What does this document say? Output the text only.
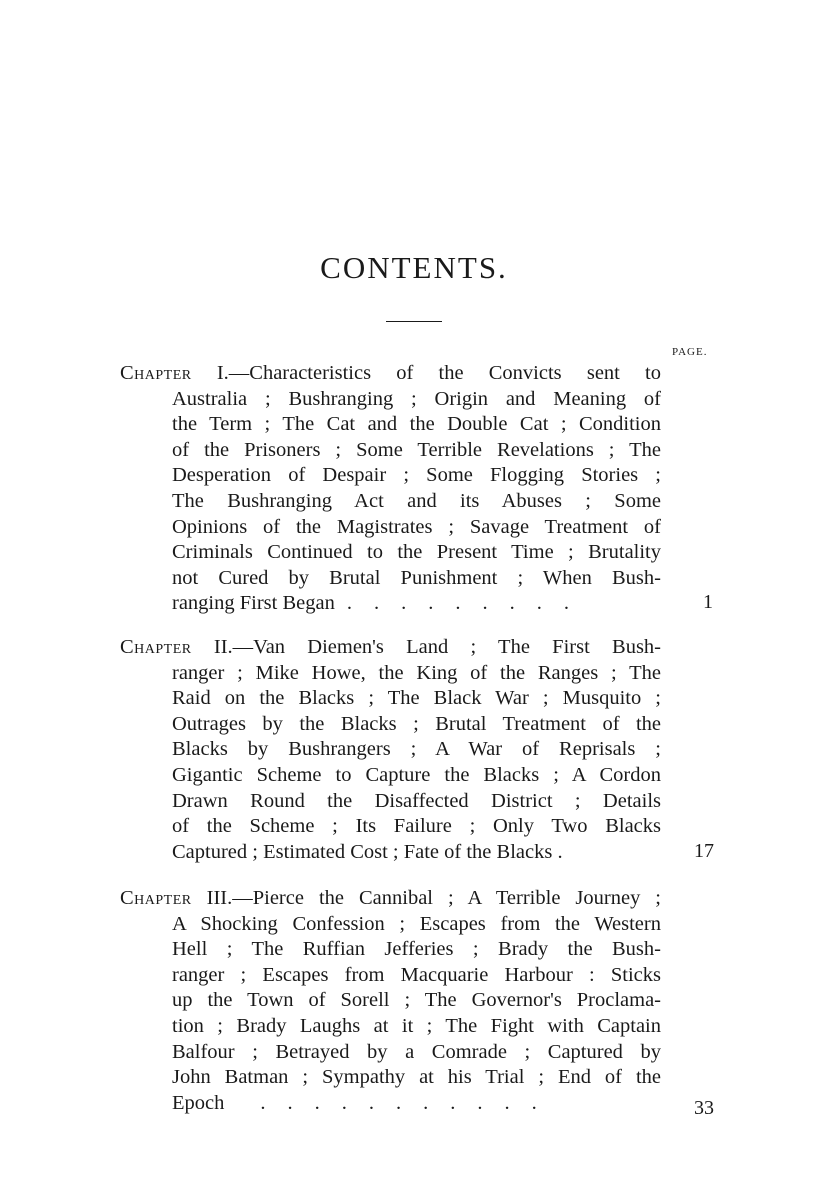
CONTENTS.
PAGE.
Chapter I.—Characteristics of the Convicts sent to
Australia ; Bushranging ; Origin and Meaning of
the Term ; The Cat and the Double Cat ; Condition
of the Prisoners ; Some Terrible Revelations ; The
Desperation of Despair ; Some Flogging Stories ;
The Bushranging Act and its Abuses ; Some
Opinions of the Magistrates ; Savage Treatment of
Criminals Continued to the Present Time ; Brutality
not Cured by Brutal Punishment ; When Bush-
ranging First Began .........	1
Chapter II.—Van Diemen's Land ; The First Bush-
ranger ; Mike Howe, the King of the Ranges ; The
Raid on the Blacks ; The Black War ; Musquito ;
Outrages by the Blacks ; Brutal Treatment of the
Blacks by Bushrangers ; A War of Reprisals ;
Gigantic Scheme to Capture the Blacks ; A Cordon
Drawn Round the Disaffected District ; Details
of the Scheme ; Its Failure ; Only Two Blacks
Captured ; Estimated Cost ; Fate of the Blacks .	17
Chapter III.—Pierce the Cannibal ; A Terrible Journey ;
A Shocking Confession ; Escapes from the Western
Hell ; The Ruffian Jefferies ; Brady the Bush-
ranger ; Escapes from Macquarie Harbour : Sticks
up the Town of Sorell ; The Governor's Proclama-
tion ; Brady Laughs at it ; The Fight with Captain
Balfour ; Betrayed by a Comrade ; Captured by
John Batman ; Sympathy at his Trial ; End of the
Epoch	...........	33
